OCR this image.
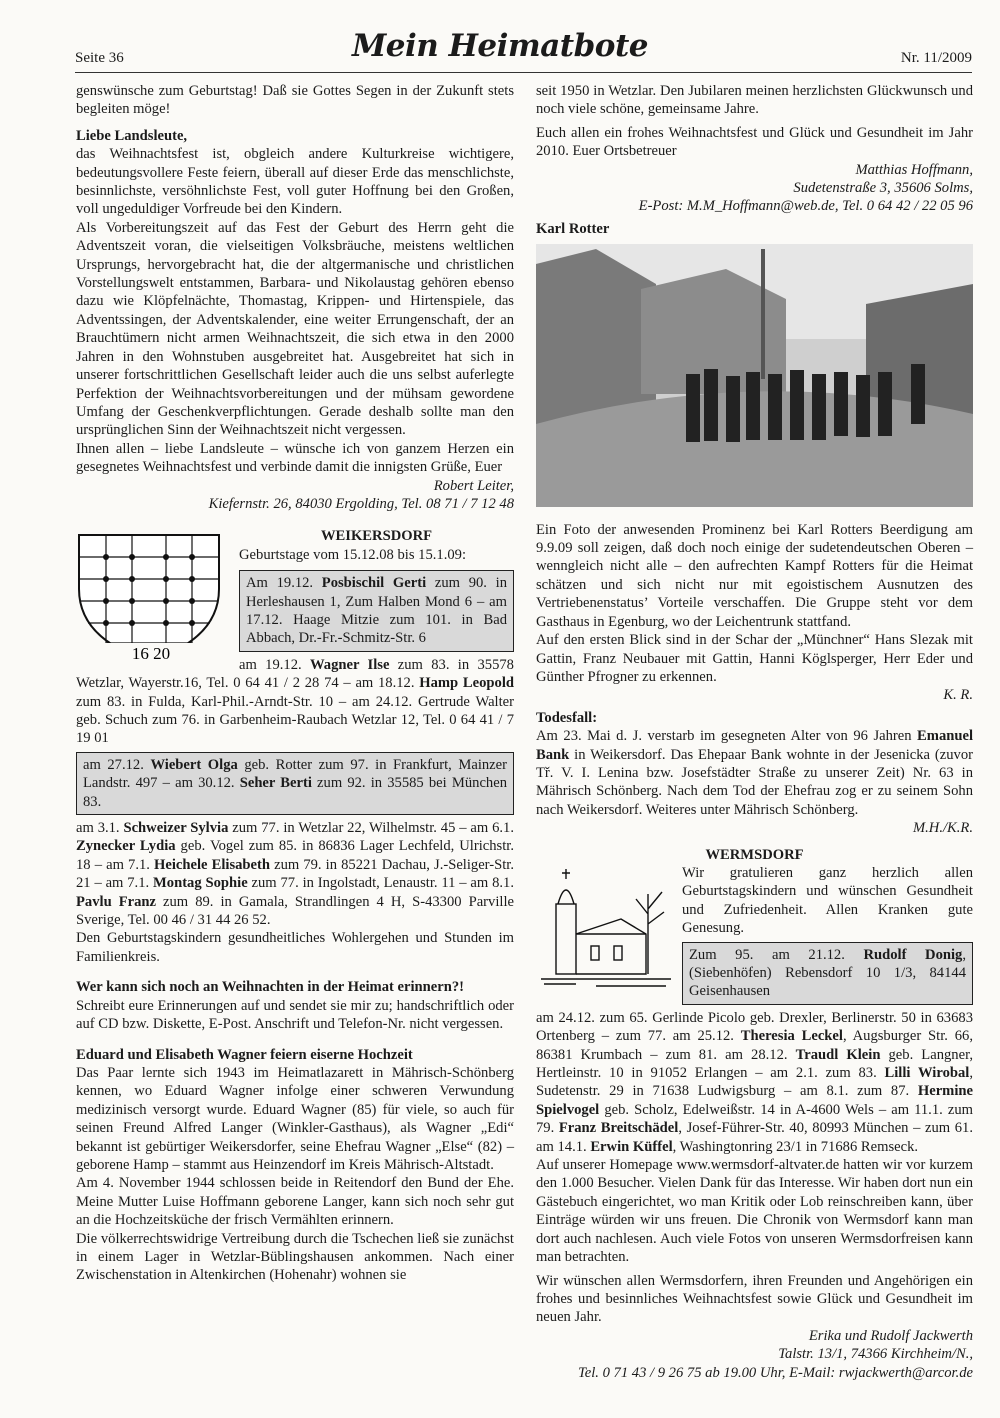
Seite 36	Mein Heimatbote	Nr. 11/2009

genswünsche zum Geburtstag! Daß sie Gottes Segen in der Zukunft stets begleiten möge!

Liebe Landsleute,

das Weihnachtsfest ist, obgleich andere Kulturkreise wichtigere, bedeutungsvollere Feste feiern, überall auf dieser Erde das menschlichste, besinnlichste, versöhnlichste Fest, voll guter Hoffnung bei den Großen, voll ungeduldiger Vorfreude bei den Kindern.

Als Vorbereitungszeit auf das Fest der Geburt des Herrn geht die Adventszeit voran, die vielseitigen Volksbräuche, meistens weltlichen Ursprungs, hervorgebracht hat, die der altgermanische und christlichen Vorstellungswelt entstammen, Barbara- und Nikolaustag gehören ebenso dazu wie Klöpfelnächte, Thomastag, Krippen- und Hirtenspiele, das Adventssingen, der Adventskalender, eine weiter Errungenschaft, der an Brauchtümern nicht armen Weihnachtszeit, die sich etwa in den 2000 Jahren in den Wohnstuben ausgebreitet hat. Ausgebreitet hat sich in unserer fortschrittlichen Gesellschaft leider auch die uns selbst auferlegte Perfektion der Weihnachtsvorbereitungen und der mühsam gewordene Umfang der Geschenkverpflichtungen. Gerade deshalb sollte man den ursprünglichen Sinn der Weihnachtszeit nicht vergessen.

Ihnen allen – liebe Landsleute – wünsche ich von ganzem Herzen ein gesegnetes Weihnachtsfest und verbinde damit die innigsten Grüße, Euer

Robert Leiter,

Kiefernstr. 26, 84030 Ergolding, Tel. 08 71 / 7 12 48

16 20

WEIKERSDORF

Geburtstage vom 15.12.08 bis 15.1.09:

Am 19.12. Posbischil Gerti zum 90. in Herleshausen 1, Zum Halben Mond 6 – am 17.12. Haage Mitzie zum 101. in Bad Abbach, Dr.-Fr.-Schmitz-Str. 6

am 19.12. Wagner Ilse zum 83. in 35578 Wetzlar, Wayerstr.16, Tel. 0 64 41 / 2 28 74 – am 18.12. Hamp Leopold zum 83. in Fulda, Karl-Phil.-Arndt-Str. 10 – am 24.12. Gertrude Walter geb. Schuch zum 76. in Garbenheim-Raubach Wetzlar 12, Tel. 0 64 41 / 7 19 01

am 27.12. Wiebert Olga geb. Rotter zum 97. in Frankfurt, Mainzer Landstr. 497 – am 30.12. Seher Berti zum 92. in 35585 bei München 83.

am 3.1. Schweizer Sylvia zum 77. in Wetzlar 22, Wilhelmstr. 45 – am 6.1. Zynecker Lydia geb. Vogel zum 85. in 86836 Lager Lechfeld, Ulrichstr. 18 – am 7.1. Heichele Elisabeth zum 79. in 85221 Dachau, J.-Seliger-Str. 21 – am 7.1. Montag Sophie zum 77. in Ingolstadt, Lenaustr. 11 – am 8.1. Pavlu Franz zum 89. in Gamala, Strandlingen 4 H, S-43300 Parville Sverige, Tel. 00 46 / 31 44 26 52.

Den Geburtstagskindern gesundheitliches Wohlergehen und Stunden im Familienkreis.

Wer kann sich noch an Weihnachten in der Heimat erinnern?!

Schreibt eure Erinnerungen auf und sendet sie mir zu; handschriftlich oder auf CD bzw. Diskette, E-Post. Anschrift und Telefon-Nr. nicht vergessen.

Eduard und Elisabeth Wagner feiern eiserne Hochzeit

Das Paar lernte sich 1943 im Heimatlazarett in Mährisch-Schönberg kennen, wo Eduard Wagner infolge einer schweren Verwundung medizinisch versorgt wurde. Eduard Wagner (85) für viele, so auch für seinen Freund Alfred Langer (Winkler-Gasthaus), als Wagner „Edi“ bekannt ist gebürtiger Weikersdorfer, seine Ehefrau Wagner „Else“ (82) – geborene Hamp – stammt aus Heinzendorf im Kreis Mährisch-Altstadt.

Am 4. November 1944 schlossen beide in Reitendorf den Bund der Ehe. Meine Mutter Luise Hoffmann geborene Langer, kann sich noch sehr gut an die Hochzeitsküche der frisch Vermählten erinnern.

Die völkerrechtswidrige Vertreibung durch die Tschechen ließ sie zunächst in einem Lager in Wetzlar-Büblingshausen ankommen. Nach einer Zwischenstation in Altenkirchen (Hohenahr) wohnen sie

seit 1950 in Wetzlar. Den Jubilaren meinen herzlichsten Glückwunsch und noch viele schöne, gemeinsame Jahre.

Euch allen ein frohes Weihnachtsfest und Glück und Gesundheit im Jahr 2010. Euer Ortsbetreuer

Matthias Hoffmann,

Sudetenstraße 3, 35606 Solms,

E-Post: M.M_Hoffmann@web.de, Tel. 0 64 42 / 22 05 96

Karl Rotter

Ein Foto der anwesenden Prominenz bei Karl Rotters Beerdigung am 9.9.09 soll zeigen, daß doch noch einige der sudetendeutschen Oberen – wenngleich nicht alle – den aufrechten Kampf Rotters für die Heimat schätzen und sich nicht nur mit egoistischem Ausnutzen des Vertriebenenstatus’ Vorteile verschaffen. Die Gruppe steht vor dem Gasthaus in Egenburg, wo der Leichentrunk stattfand.

Auf den ersten Blick sind in der Schar der „Münchner“ Hans Slezak mit Gattin, Franz Neubauer mit Gattin, Hanni Köglsperger, Herr Eder und Günther Pfrogner zu erkennen.

K. R.

Todesfall:

Am 23. Mai d. J. verstarb im gesegneten Alter von 96 Jahren Emanuel Bank in Weikersdorf. Das Ehepaar Bank wohnte in der Jesenicka (zuvor Tř. V. I. Lenina bzw. Josefstädter Straße zu unserer Zeit) Nr. 63 in Mährisch Schönberg. Nach dem Tod der Ehefrau zog er zu seinem Sohn nach Weikersdorf. Weiteres unter Mährisch Schönberg.

M.H./K.R.

WERMSDORF

Wir gratulieren ganz herzlich allen Geburtstagskindern und wünschen Gesundheit und Zufriedenheit. Allen Kranken gute Genesung.

Zum 95. am 21.12. Rudolf Donig, (Siebenhöfen) Rebensdorf 10 1/3, 84144 Geisenhausen

am 24.12. zum 65. Gerlinde Picolo geb. Drexler, Berlinerstr. 50 in 63683 Ortenberg – zum 77. am 25.12. Theresia Leckel, Augsburger Str. 66, 86381 Krumbach – zum 81. am 28.12. Traudl Klein geb. Langner, Hertleinstr. 10 in 91052 Erlangen – am 2.1. zum 83. Lilli Wirobal, Sudetenstr. 29 in 71638 Ludwigsburg – am 8.1. zum 87. Hermine Spielvogel geb. Scholz, Edelweißstr. 14 in A-4600 Wels – am 11.1. zum 79. Franz Breitschädel, Josef-Führer-Str. 40, 80993 München – zum 61. am 14.1. Erwin Küffel, Washingtonring 23/1 in 71686 Remseck.

Auf unserer Homepage www.wermsdorf-altvater.de hatten wir vor kurzem den 1.000 Besucher. Vielen Dank für das Interesse. Wir haben dort nun ein Gästebuch eingerichtet, wo man Kritik oder Lob reinschreiben kann, über Einträge würden wir uns freuen. Die Chronik von Wermsdorf kann man dort auch nachlesen. Auch viele Fotos von unseren Wermsdorfreisen kann man betrachten.

Wir wünschen allen Wermsdorfern, ihren Freunden und Angehörigen ein frohes und besinnliches Weihnachtsfest sowie Glück und Gesundheit im neuen Jahr.

Erika und Rudolf Jackwerth

Talstr. 13/1, 74366 Kirchheim/N.,

Tel. 0 71 43 / 9 26 75 ab 19.00 Uhr, E-Mail: rwjackwerth@arcor.de
